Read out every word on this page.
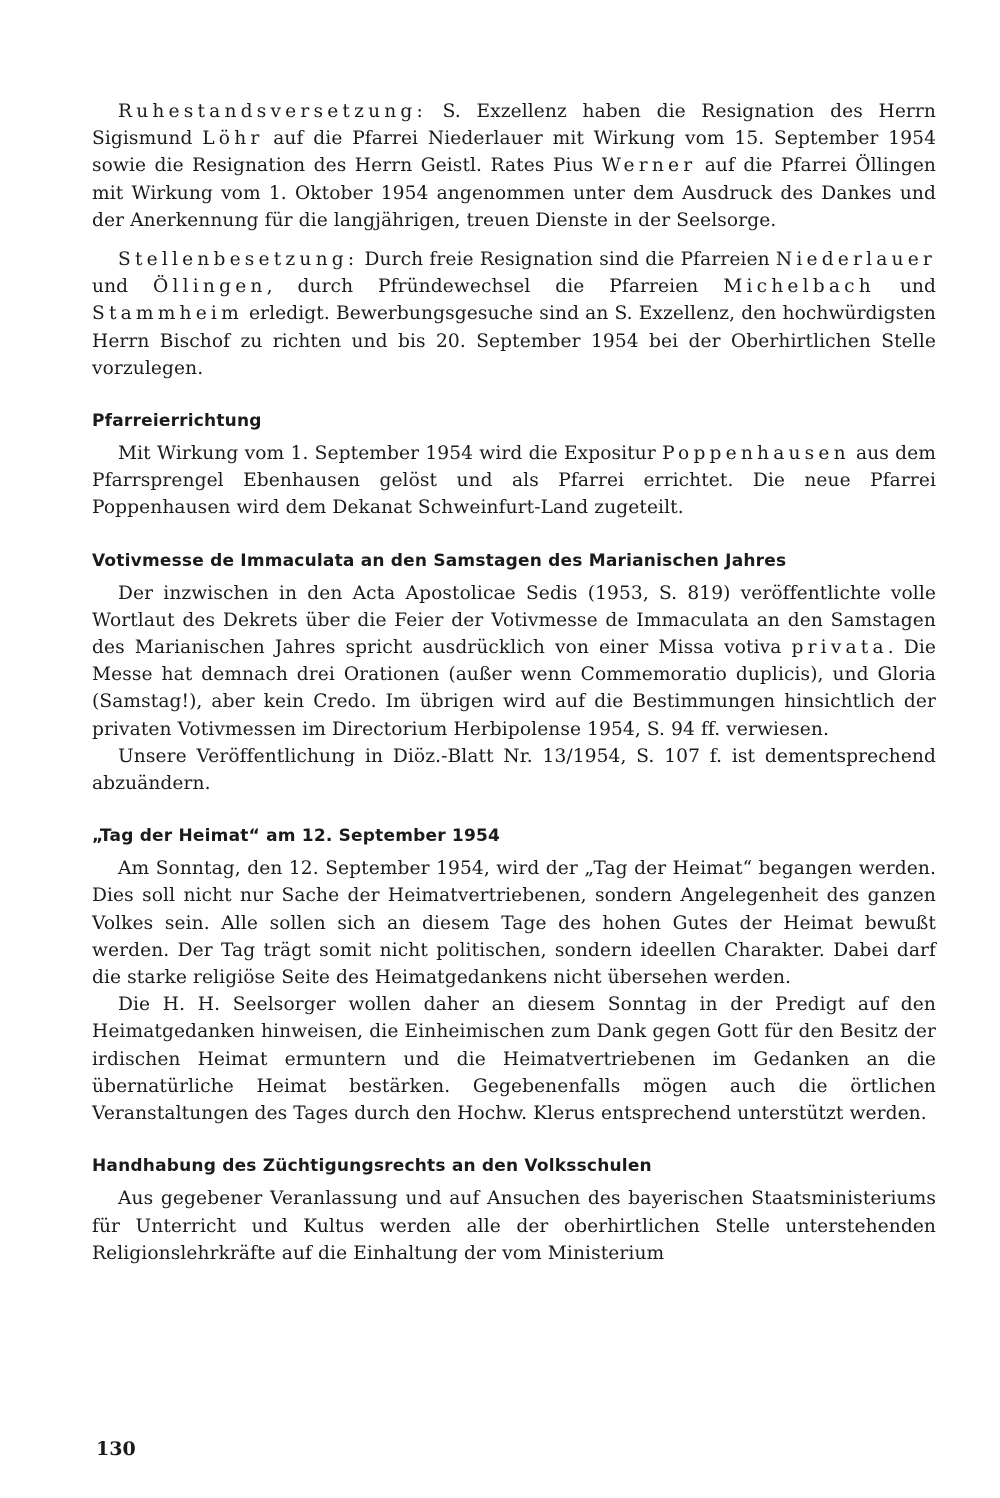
Ruhestandsversetzung: S. Exzellenz haben die Resignation des Herrn Sigismund Löhr auf die Pfarrei Niederlauer mit Wirkung vom 15. September 1954 sowie die Resignation des Herrn Geistl. Rates Pius Werner auf die Pfarrei Öllingen mit Wirkung vom 1. Oktober 1954 angenommen unter dem Ausdruck des Dankes und der Anerkennung für die langjährigen, treuen Dienste in der Seelsorge.

Stellenbesetzung: Durch freie Resignation sind die Pfarreien Niederlauer und Öllingen, durch Pfründewechsel die Pfarreien Michelbach und Stammheim erledigt. Bewerbungsgesuche sind an S. Exzellenz, den hochwürdigsten Herrn Bischof zu richten und bis 20. September 1954 bei der Oberhirtlichen Stelle vorzulegen.

Pfarreierrichtung

Mit Wirkung vom 1. September 1954 wird die Expositur Poppenhausen aus dem Pfarrsprengel Ebenhausen gelöst und als Pfarrei errichtet. Die neue Pfarrei Poppenhausen wird dem Dekanat Schweinfurt-Land zugeteilt.

Votivmesse de Immaculata an den Samstagen des Marianischen Jahres

Der inzwischen in den Acta Apostolicae Sedis (1953, S. 819) veröffentlichte volle Wortlaut des Dekrets über die Feier der Votivmesse de Immaculata an den Samstagen des Marianischen Jahres spricht ausdrücklich von einer Missa votiva privata. Die Messe hat demnach drei Orationen (außer wenn Commemoratio duplicis), und Gloria (Samstag!), aber kein Credo. Im übrigen wird auf die Bestimmungen hinsichtlich der privaten Votivmessen im Directorium Herbipolense 1954, S. 94 ff. verwiesen.

Unsere Veröffentlichung in Diöz.-Blatt Nr. 13/1954, S. 107 f. ist dementsprechend abzuändern.

„Tag der Heimat“ am 12. September 1954

Am Sonntag, den 12. September 1954, wird der „Tag der Heimat“ begangen werden. Dies soll nicht nur Sache der Heimatvertriebenen, sondern Angelegenheit des ganzen Volkes sein. Alle sollen sich an diesem Tage des hohen Gutes der Heimat bewußt werden. Der Tag trägt somit nicht politischen, sondern ideellen Charakter. Dabei darf die starke religiöse Seite des Heimatgedankens nicht übersehen werden.

Die H. H. Seelsorger wollen daher an diesem Sonntag in der Predigt auf den Heimatgedanken hinweisen, die Einheimischen zum Dank gegen Gott für den Besitz der irdischen Heimat ermuntern und die Heimatvertriebenen im Gedanken an die übernatürliche Heimat bestärken. Gegebenenfalls mögen auch die örtlichen Veranstaltungen des Tages durch den Hochw. Klerus entsprechend unterstützt werden.

Handhabung des Züchtigungsrechts an den Volksschulen

Aus gegebener Veranlassung und auf Ansuchen des bayerischen Staatsministeriums für Unterricht und Kultus werden alle der oberhirtlichen Stelle unterstehenden Religionslehrkräfte auf die Einhaltung der vom Ministerium

130
